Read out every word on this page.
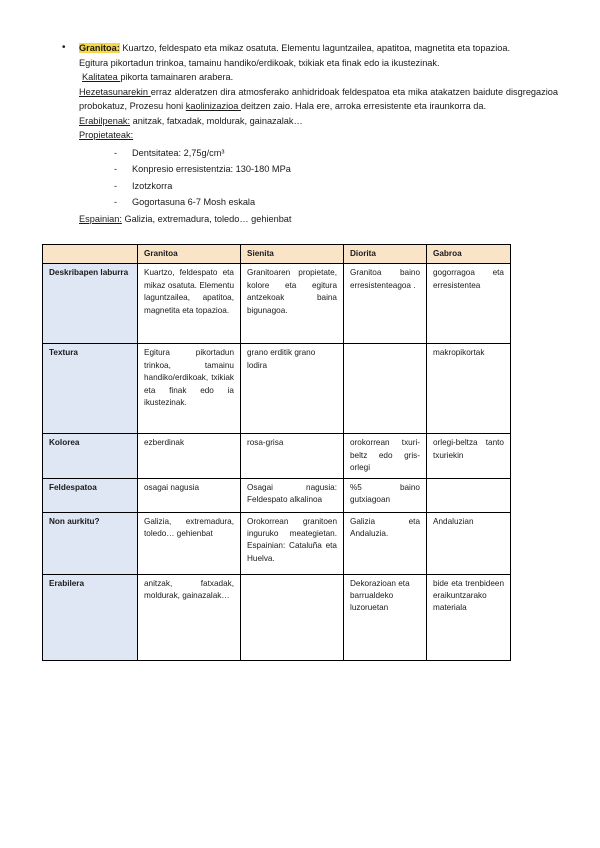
• Granitoa: Kuartzo, feldespato eta mikaz osatuta. Elementu laguntzailea, apatitoa, magnetita eta topazioa.

Egitura pikortadun trinkoa, tamainu handiko/erdikoak, txikiak eta finak edo ia ikustezinak.

Kalitatea pikorta tamainaren arabera.

Hezetasunarekin erraz alderatzen dira atmosferako anhidridoak feldespatoa eta mika atakatzen baidute disgregazioa probokatuz, Prozesu honi kaolinizazioa deitzen zaio. Hala ere, arroka erresistente eta iraunkorra da.

Erabilpenak: anitzak, fatxadak, moldurak, gainazalak…

Propietateak:

- Dentsitatea: 2,75g/cm³
- Konpresio erresistentzia: 130-180 MPa
- Izotzkorra
- Gogortasuna 6-7 Mosh eskala

Espainian: Galizia, extremadura, toledo… gehienbat

	Granitoa	Sienita	Diorita	Gabroa
Deskribapen laburra	Kuartzo, feldespato eta mikaz osatuta. Elementu laguntzailea, apatitoa, magnetita eta topazioa.	Granitoaren propietate, kolore eta egitura antzekoak baina bigunagoa.	Granitoa baino erresistenteagoa .	gogorragoa eta erresistentea
Textura	Egitura pikortadun trinkoa, tamainu handiko/erdikoak, txikiak eta finak edo ia ikustezinak.	grano erditik grano lodira		makropikortak
Kolorea	ezberdinak	rosa-grisa	orokorrean txuri-beltz edo gris-orlegi	orlegi-beltza tanto txuriekin
Feldespatoa	osagai nagusia	Osagai nagusia: Feldespato alkalinoa	%5 baino gutxiagoan	
Non aurkitu?	Galizia, extremadura, toledo… gehienbat	Orokorrean granitoen inguruko meategietan. Espainian: Cataluña eta Huelva.	Galizia eta Andaluzia.	Andaluzian
Erabilera	anitzak, fatxadak, moldurak, gainazalak…		Dekorazioan eta barrualdeko luzoruetan	bide eta trenbideen eraikuntzarako materiala
